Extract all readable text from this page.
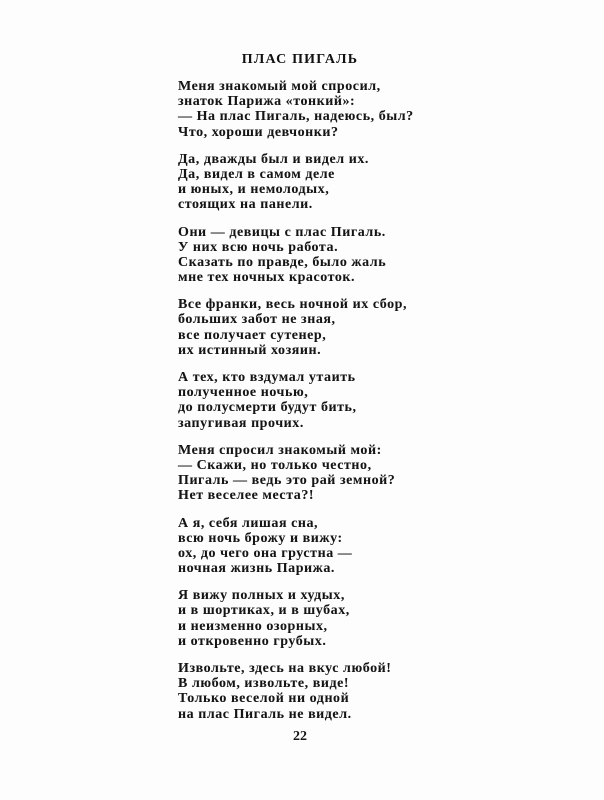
ПЛАС ПИГАЛЬ
Меня знакомый мой спросил,
знаток Парижа «тонкий»:
— На плас Пигаль, надеюсь, был?
Что, хороши девчонки?
Да, дважды был и видел их.
Да, видел в самом деле
и юных, и немолодых,
стоящих на панели.
Они — девицы с плас Пигаль.
У них всю ночь работа.
Сказать по правде, было жаль
мне тех ночных красоток.
Все франки, весь ночной их сбор,
больших забот не зная,
все получает сутенер,
их истинный хозяин.
А тех, кто вздумал утаить
полученное ночью,
до полусмерти будут бить,
запугивая прочих.
Меня спросил знакомый мой:
— Скажи, но только честно,
Пигаль — ведь это рай земной?
Нет веселее места?!
А я, себя лишая сна,
всю ночь брожу и вижу:
ох, до чего она грустна —
ночная жизнь Парижа.
Я вижу полных и худых,
и в шортиках, и в шубах,
и неизменно озорных,
и откровенно грубых.
Извольте, здесь на вкус любой!
В любом, извольте, виде!
Только веселой ни одной
на плас Пигаль не видел.
22
